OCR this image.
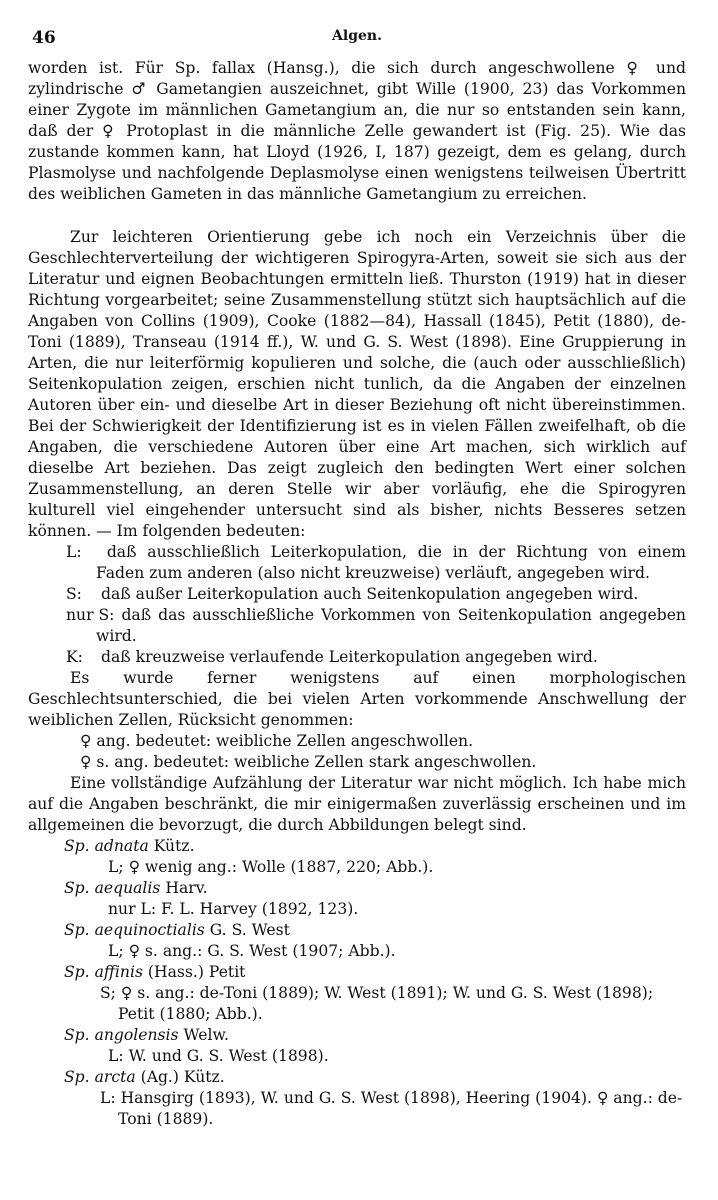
46	Algen.

worden ist. Für Sp. fallax (Hansg.), die sich durch angeschwollene ♀ und zylindrische ♂ Gametangien auszeichnet, gibt Wille (1900, 23) das Vorkommen einer Zygote im männlichen Gametangium an, die nur so entstanden sein kann, daß der ♀ Protoplast in die männliche Zelle gewandert ist (Fig. 25). Wie das zustande kommen kann, hat Lloyd (1926, I, 187) gezeigt, dem es gelang, durch Plasmolyse und nachfolgende Deplasmolyse einen wenigstens teilweisen Übertritt des weiblichen Gameten in das männliche Gametangium zu erreichen.

Zur leichteren Orientierung gebe ich noch ein Verzeichnis über die Geschlechterverteilung der wichtigeren Spirogyra-Arten, soweit sie sich aus der Literatur und eignen Beobachtungen ermitteln ließ. Thurston (1919) hat in dieser Richtung vorgearbeitet; seine Zusammenstellung stützt sich hauptsächlich auf die Angaben von Collins (1909), Cooke (1882—84), Hassall (1845), Petit (1880), de-Toni (1889), Transeau (1914 ff.), W. und G. S. West (1898). Eine Gruppierung in Arten, die nur leiterförmig kopulieren und solche, die (auch oder ausschließlich) Seitenkopulation zeigen, erschien nicht tunlich, da die Angaben der einzelnen Autoren über ein- und dieselbe Art in dieser Beziehung oft nicht übereinstimmen. Bei der Schwierigkeit der Identifizierung ist es in vielen Fällen zweifelhaft, ob die Angaben, die verschiedene Autoren über eine Art machen, sich wirklich auf dieselbe Art beziehen. Das zeigt zugleich den bedingten Wert einer solchen Zusammenstellung, an deren Stelle wir aber vorläufig, ehe die Spirogyren kulturell viel eingehender untersucht sind als bisher, nichts Besseres setzen können. — Im folgenden bedeuten:

L: daß ausschließlich Leiterkopulation, die in der Richtung von einem Faden zum anderen (also nicht kreuzweise) verläuft, angegeben wird.

S: daß außer Leiterkopulation auch Seitenkopulation angegeben wird.

nur S: daß das ausschließliche Vorkommen von Seitenkopulation angegeben wird.

K: daß kreuzweise verlaufende Leiterkopulation angegeben wird.

Es wurde ferner wenigstens auf einen morphologischen Geschlechtsunterschied, die bei vielen Arten vorkommende Anschwellung der weiblichen Zellen, Rücksicht genommen:

♀ ang. bedeutet: weibliche Zellen angeschwollen.

♀ s. ang. bedeutet: weibliche Zellen stark angeschwollen.

Eine vollständige Aufzählung der Literatur war nicht möglich. Ich habe mich auf die Angaben beschränkt, die mir einigermaßen zuverlässig erscheinen und im allgemeinen die bevorzugt, die durch Abbildungen belegt sind.

Sp. adnata Kütz.

L; ♀ wenig ang.: Wolle (1887, 220; Abb.).

Sp. aequalis Harv.

nur L: F. L. Harvey (1892, 123).

Sp. aequinoctialis G. S. West

L; ♀ s. ang.: G. S. West (1907; Abb.).

Sp. affinis (Hass.) Petit

S; ♀ s. ang.: de-Toni (1889); W. West (1891); W. und G. S. West (1898); Petit (1880; Abb.).

Sp. angolensis Welw.

L: W. und G. S. West (1898).

Sp. arcta (Ag.) Kütz.

L: Hansgirg (1893), W. und G. S. West (1898), Heering (1904). ♀ ang.: de-Toni (1889).
